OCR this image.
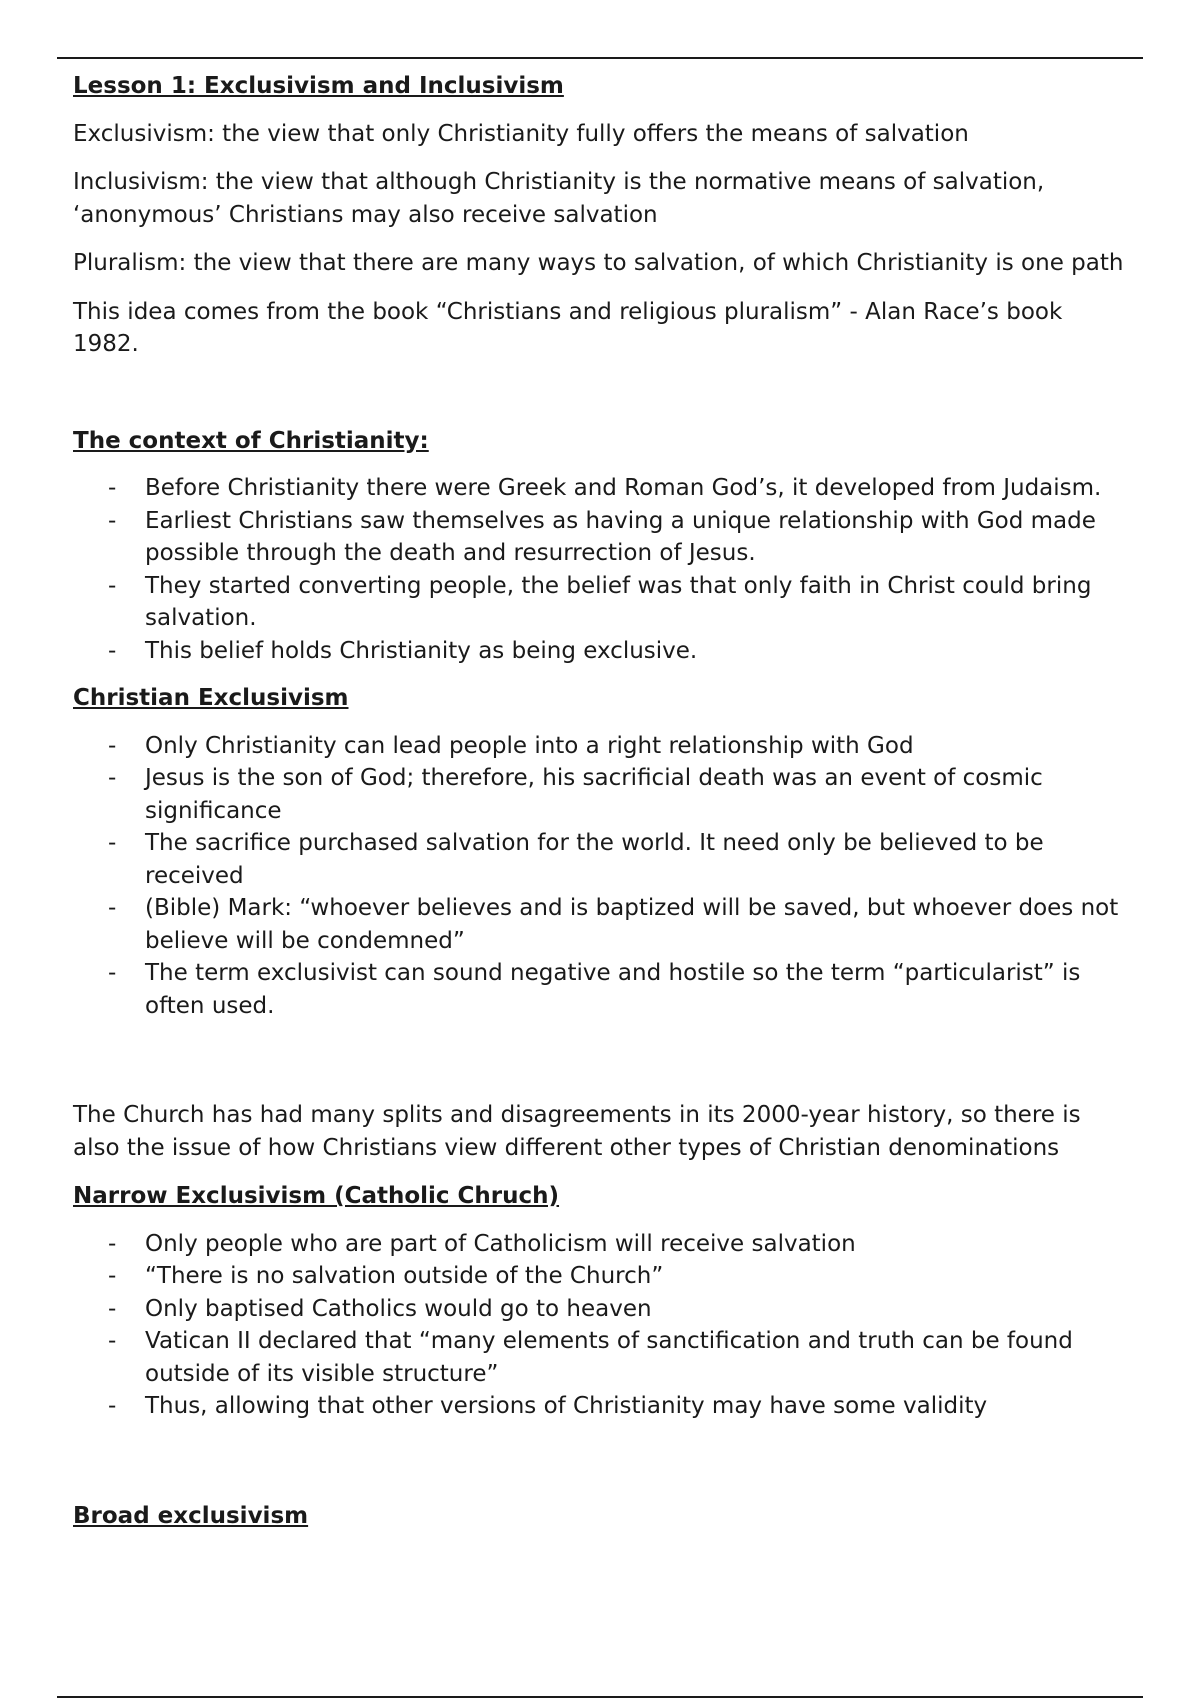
Lesson 1: Exclusivism and Inclusivism

Exclusivism: the view that only Christianity fully offers the means of salvation

Inclusivism: the view that although Christianity is the normative means of salvation, ‘anonymous’ Christians may also receive salvation

Pluralism: the view that there are many ways to salvation, of which Christianity is one path

This idea comes from the book “Christians and religious pluralism” - Alan Race’s book 1982.

The context of Christianity:
- Before Christianity there were Greek and Roman God’s, it developed from Judaism.
- Earliest Christians saw themselves as having a unique relationship with God made possible through the death and resurrection of Jesus.
- They started converting people, the belief was that only faith in Christ could bring salvation.
- This belief holds Christianity as being exclusive.
Christian Exclusivism
- Only Christianity can lead people into a right relationship with God
- Jesus is the son of God; therefore, his sacrificial death was an event of cosmic significance
- The sacrifice purchased salvation for the world. It need only be believed to be received
- (Bible) Mark: “whoever believes and is baptized will be saved, but whoever does not believe will be condemned”
- The term exclusivist can sound negative and hostile so the term “particularist” is often used.

The Church has had many splits and disagreements in its 2000-year history, so there is also the issue of how Christians view different other types of Christian denominations

Narrow Exclusivism (Catholic Chruch)
- Only people who are part of Catholicism will receive salvation
- “There is no salvation outside of the Church”
- Only baptised Catholics would go to heaven
- Vatican II declared that “many elements of sanctification and truth can be found outside of its visible structure”
- Thus, allowing that other versions of Christianity may have some validity
Broad exclusivism
